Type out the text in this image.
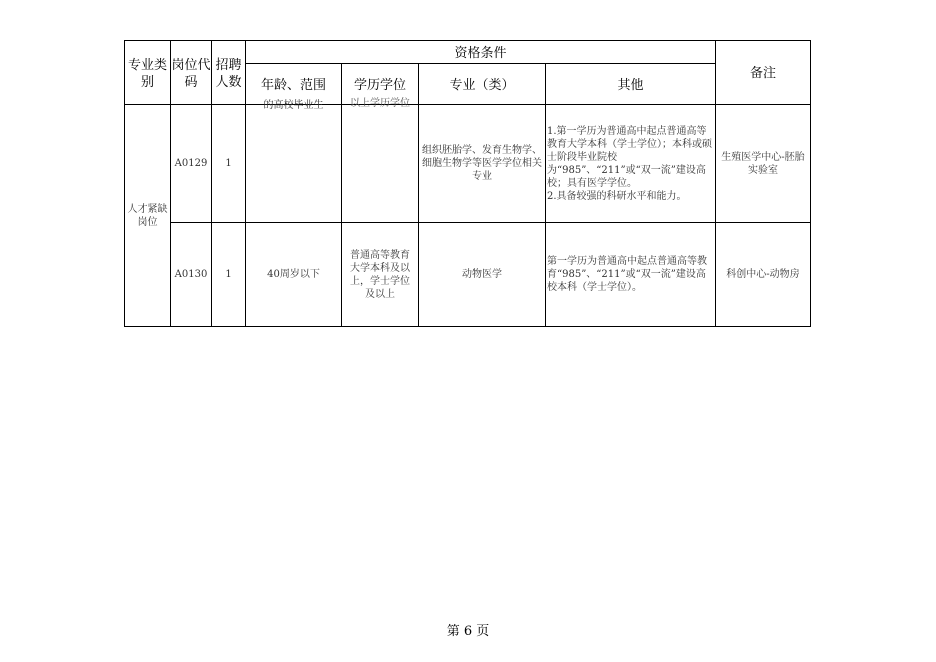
专业类别	岗位代码	招聘人数	资格条件				备注
			年龄、范围	学历学位	专业（类）	其他	

人才紧缺岗位	A0129	1	的高校毕业生	以上学历学位	组织胚胎学、发育生物学、细胞生物学等医学学位相关专业	1.第一学历为普通高中起点普通高等教育大学本科（学士学位）；本科或硕士阶段毕业院校为“985”、“211”或“双一流”建设高校；具有医学学位。
2.具备较强的科研水平和能力。	生殖医学中心-胚胎实验室

	A0130	1	40周岁以下	普通高等教育大学本科及以上，学士学位及以上	动物医学	第一学历为普通高中起点普通高等教育“985”、“211”或“双一流”建设高校本科（学士学位）。	科创中心-动物房
第 6 页
